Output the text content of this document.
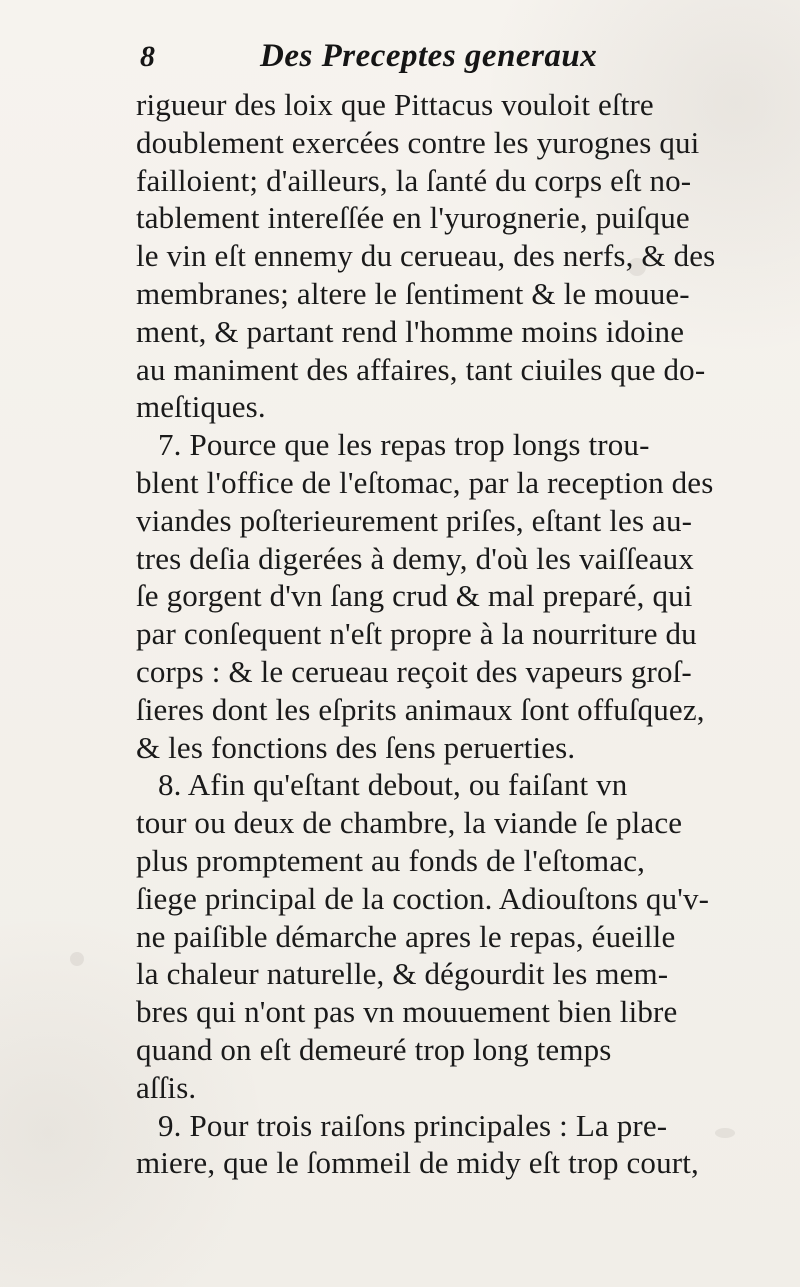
8	Des Preceptes generaux
rigueur des loix que Pittacus vouloit eſtre
doublement exercées contre les yurognes qui
failloient; d'ailleurs, la ſanté du corps eſt no-
tablement intereſſée en l'yurognerie, puiſque
le vin eſt ennemy du cerueau, des nerfs, & des
membranes; altere le ſentiment & le mouue-
ment, & partant rend l'homme moins idoine
au maniment des affaires, tant ciuiles que do-
meſtiques.
7. Pource que les repas trop longs trou-
blent l'office de l'eſtomac, par la reception des
viandes poſterieurement priſes, eſtant les au-
tres deſia digerées à demy, d'où les vaiſſeaux
ſe gorgent d'vn ſang crud & mal preparé, qui
par conſequent n'eſt propre à la nourriture du
corps : & le cerueau reçoit des vapeurs groſ-
ſieres dont les eſprits animaux ſont offuſquez,
& les fonctions des ſens peruerties.
8. Afin qu'eſtant debout, ou faiſant vn
tour ou deux de chambre, la viande ſe place
plus promptement au fonds de l'eſtomac,
ſiege principal de la coction. Adiouſtons qu'v-
ne paiſible démarche apres le repas, éueille
la chaleur naturelle, & dégourdit les mem-
bres qui n'ont pas vn mouuement bien libre
quand on eſt demeuré trop long temps
aſſis.
9. Pour trois raiſons principales : La pre-
miere, que le ſommeil de midy eſt trop court,
